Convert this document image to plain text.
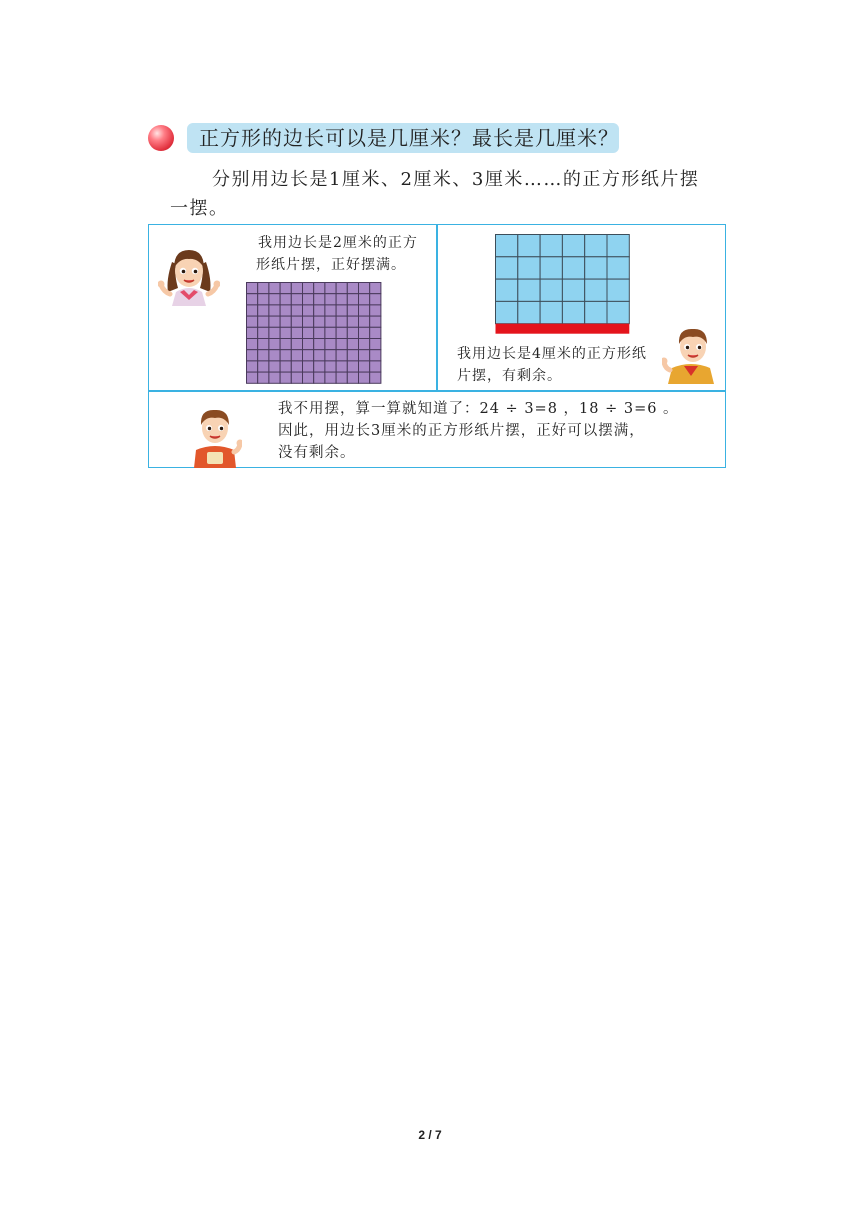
正方形的边长可以是几厘米？最长是几厘米？
分别用边长是1厘米、2厘米、3厘米……的正方形纸片摆一摆。
我用边长是2厘米的正方形纸片摆，正好摆满。
我用边长是4厘米的正方形纸片摆，有剩余。
我不用摆，算一算就知道了：24 ÷ 3=8 ，18 ÷ 3=6 。
因此，用边长3厘米的正方形纸片摆，正好可以摆满，
没有剩余。
2 / 7
